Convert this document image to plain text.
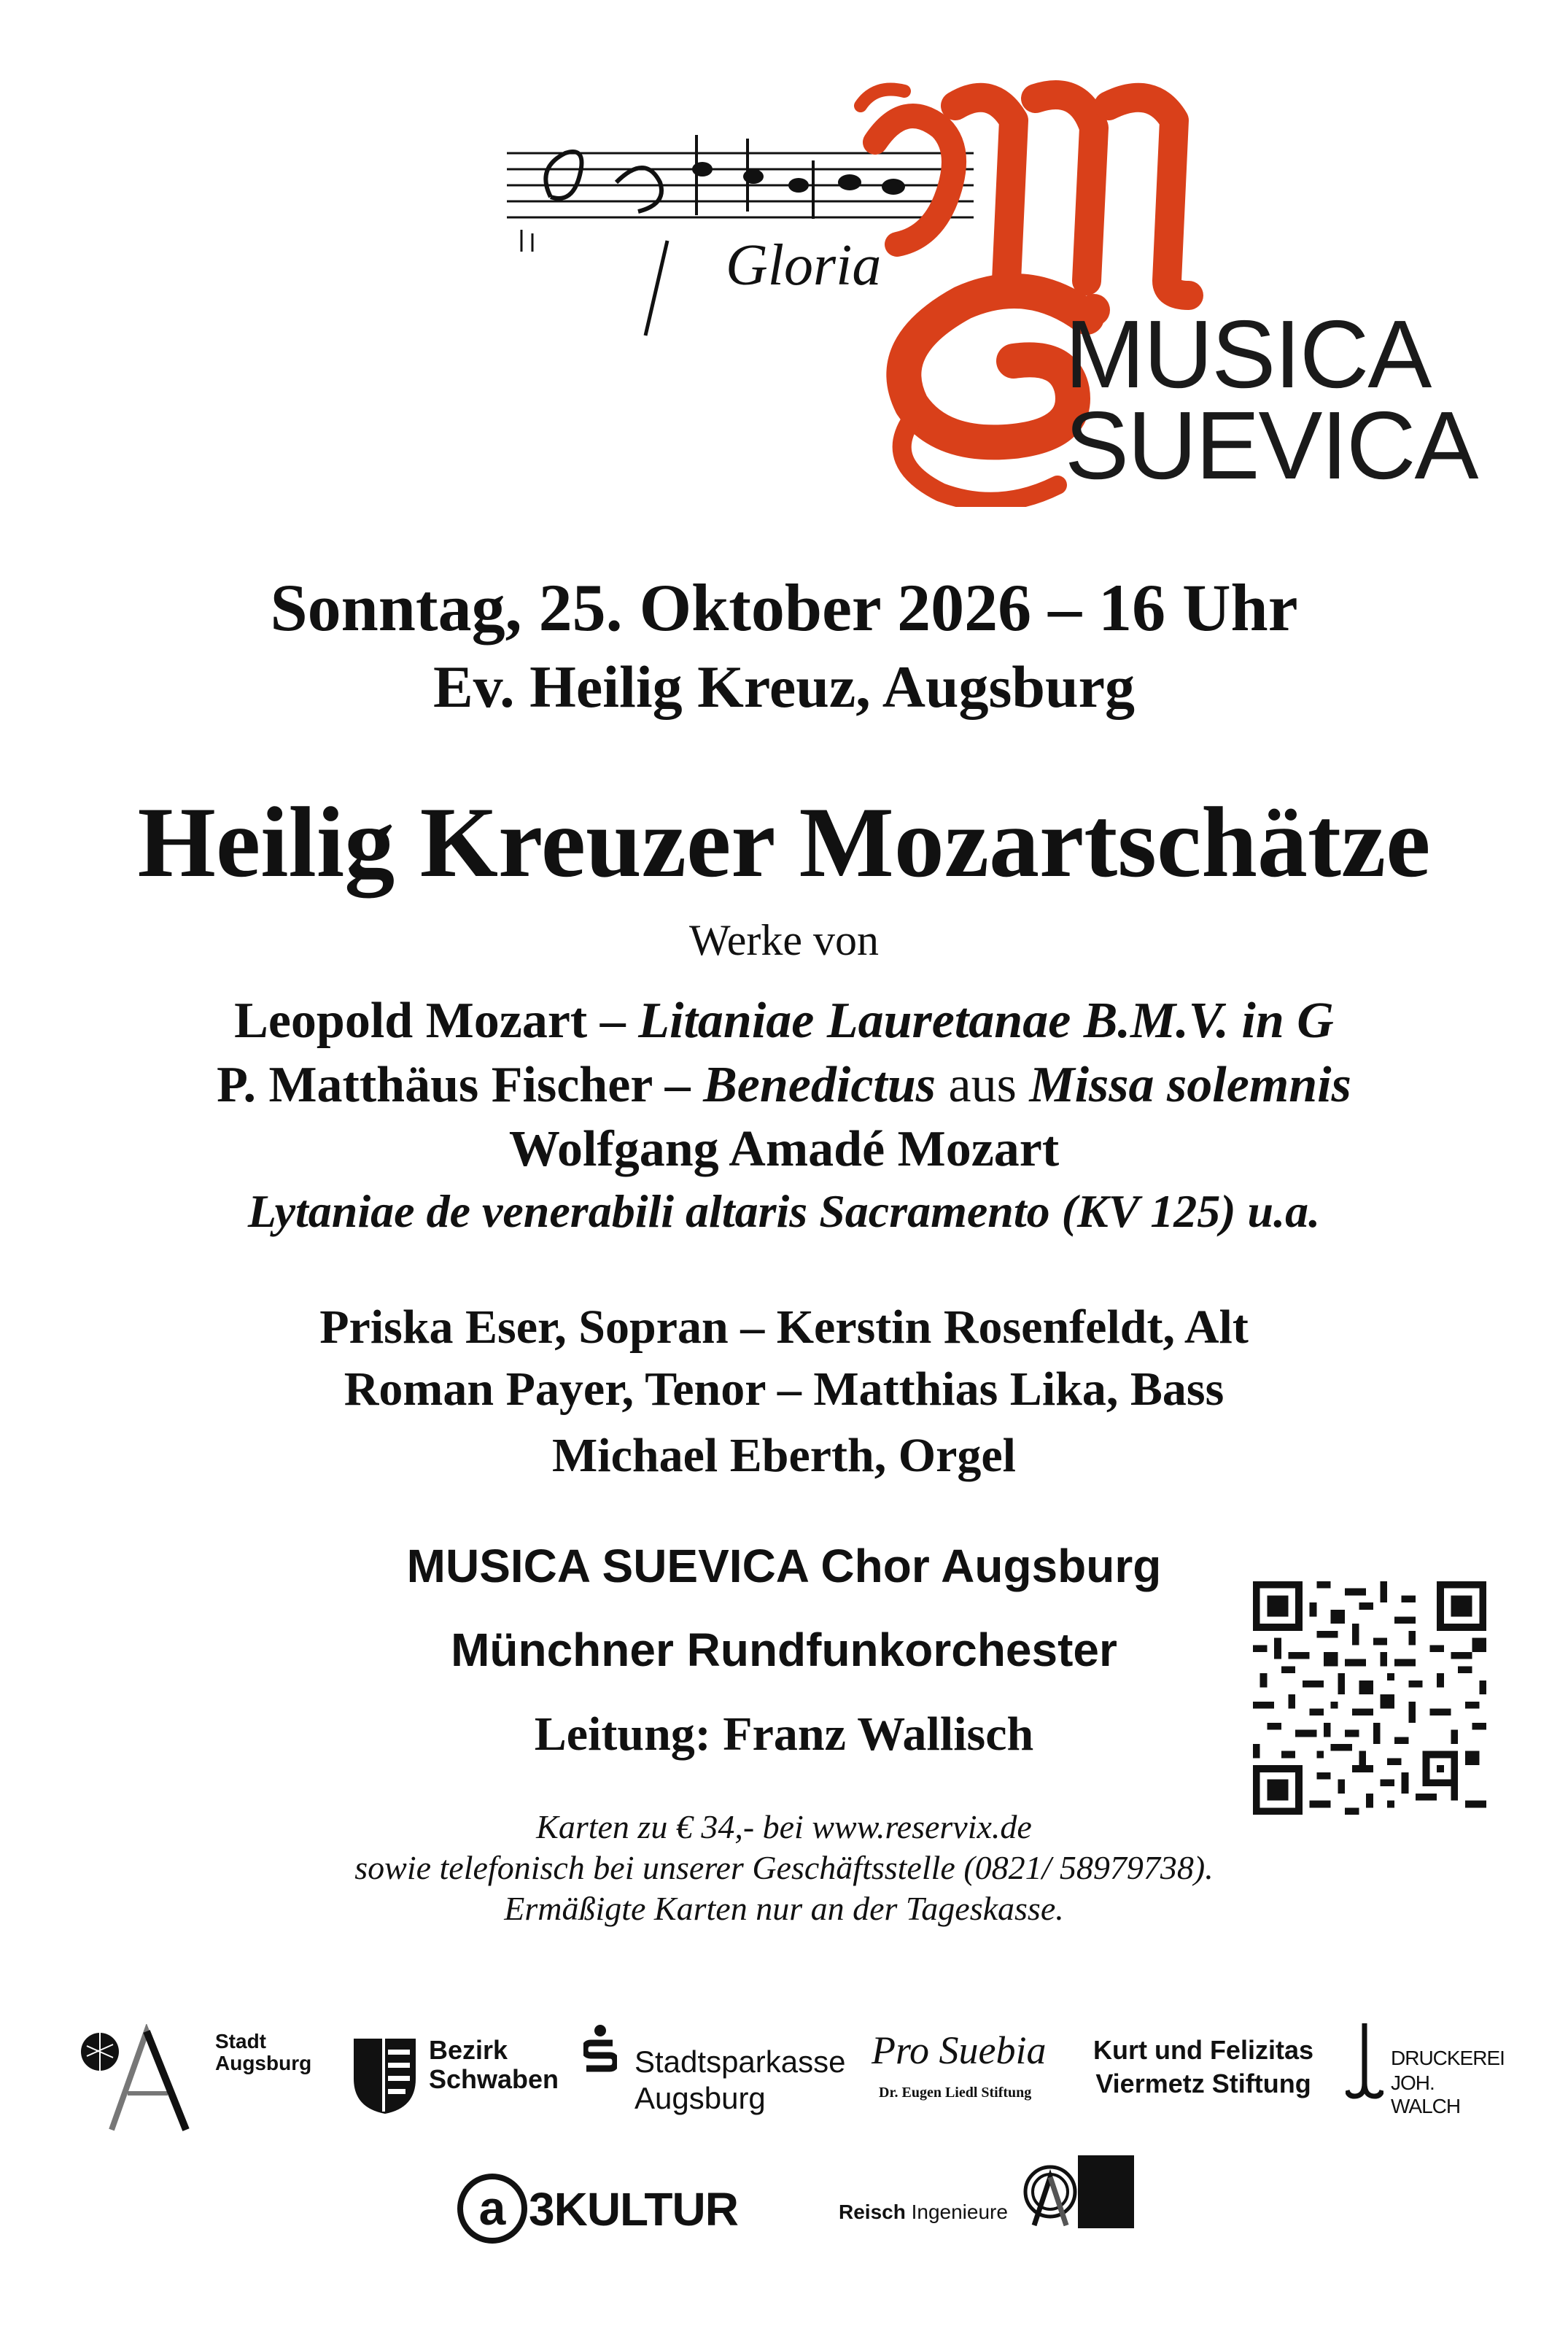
Gloria
MUSICA
SUEVICA
Sonntag, 25. Oktober 2026 – 16 Uhr
Ev. Heilig Kreuz, Augsburg
Heilig Kreuzer Mozartschätze
Werke von
Leopold Mozart – Litaniae Lauretanae B.M.V. in G
P. Matthäus Fischer – Benedictus aus Missa solemnis
Wolfgang Amadé Mozart
Lytaniae de venerabili altaris Sacramento (KV 125) u.a.
Priska Eser, Sopran – Kerstin Rosenfeldt, Alt
Roman Payer, Tenor – Matthias Lika, Bass
Michael Eberth, Orgel
MUSICA SUEVICA Chor Augsburg
Münchner Rundfunkorchester
Leitung: Franz Wallisch
Karten zu € 34,- bei www.reservix.de
sowie telefonisch bei unserer Geschäftsstelle (0821/ 58979738).
Ermäßigte Karten nur an der Tageskasse.
Stadt
Augsburg	Bezirk
Schwaben
Stadtsparkasse
Augsburg
Pro Suebia
Dr. Eugen Liedl Stiftung
Kurt und Felizitas
Viermetz Stiftung
DRUCKEREI
JOH. WALCH
a 3KULTUR	Reisch Ingenieure
